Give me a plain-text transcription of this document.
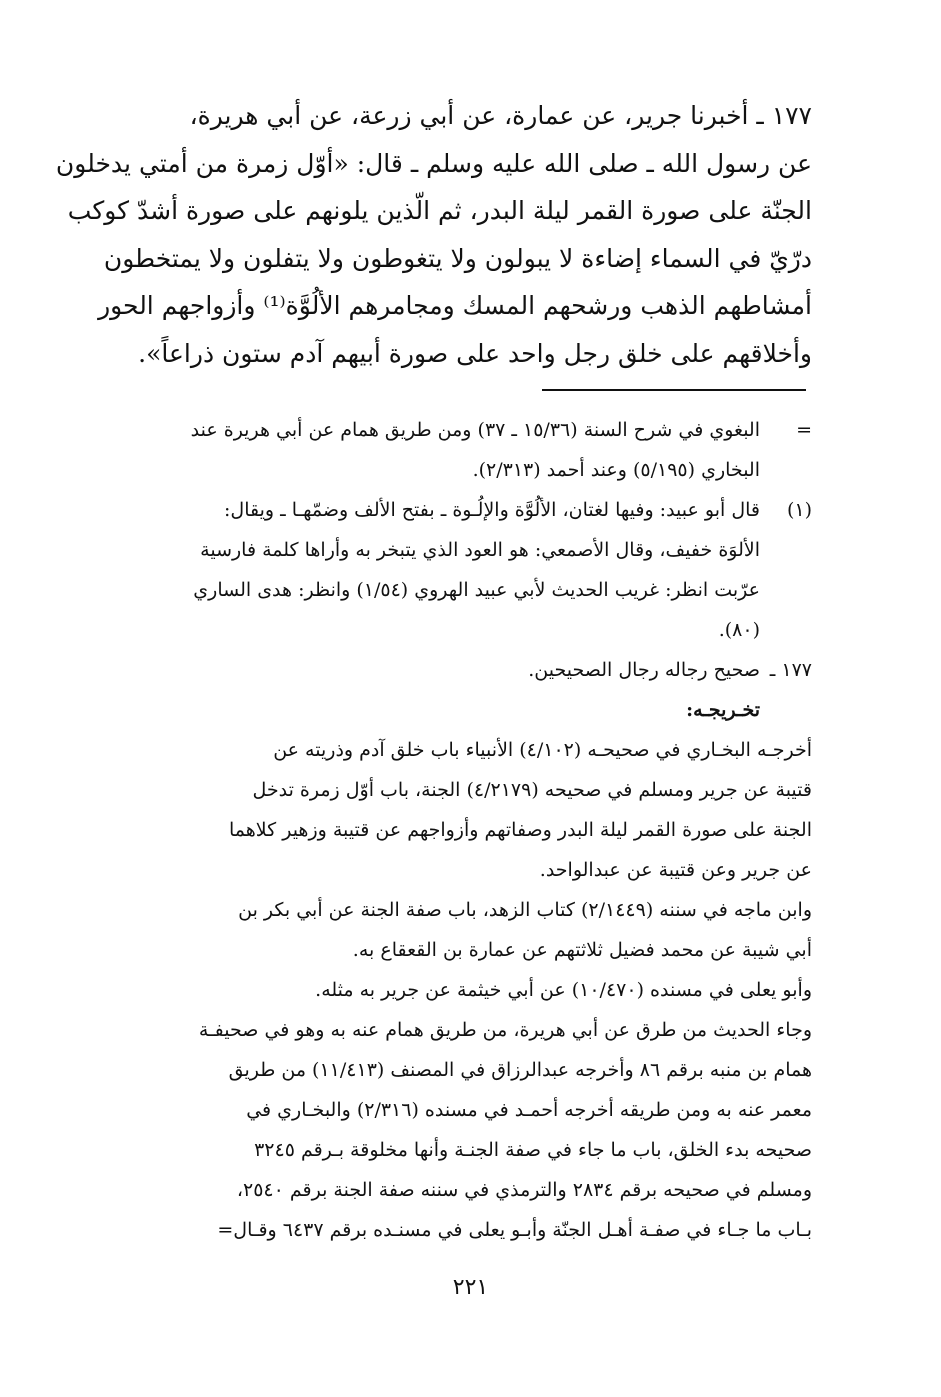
١٧٧ ـ أخبرنا جرير، عن عمارة، عن أبي زرعة، عن أبي هريرة،
عن رسول الله ـ صلى الله عليه وسلم ـ قال: «أوّل زمرة من أمتي يدخلون
الجنّة على صورة القمر ليلة البدر، ثم الّذين يلونهم على صورة أشدّ كوكب
درّيّ في السماء إضاءة لا يبولون ولا يتغوطون ولا يتفلون ولا يمتخطون
أمشاطهم الذهب ورشحهم المسك ومجامرهم الألُوَّة⁽¹⁾ وأزواجهم الحور
وأخلاقهم على خلق رجل واحد على صورة أبيهم آدم ستون ذراعاً».

=
البغوي في شرح السنة (١٥/٣٦ ـ ٣٧) ومن طريق همام عن أبي هريرة عند
البخاري (٥/١٩٥) وعند أحمد (٢/٣١٣).
(١)
قال أبو عبيد: وفيها لغتان، الألُوَّة والإلُـوة ـ بفتح الألف وضمّهـا ـ ويقال:
الألوَة خفيف، وقال الأصمعي: هو العود الذي يتبخر به وأراها كلمة فارسية
عرّبت انظر: غريب الحديث لأبي عبيد الهروي (١/٥٤) وانظر: هدى الساري
(٨٠).
١٧٧ ـ
صحيح رجاله رجال الصحيحين.

تخـريجـه:

أخرجـه البخـاري في صحيحـه (٤/١٠٢) الأنبياء باب خلق آدم وذريته عن
قتيبة عن جرير ومسلم في صحيحه (٤/٢١٧٩) الجنة، باب أوّل زمرة تدخل
الجنة على صورة القمر ليلة البدر وصفاتهم وأزواجهم عن قتيبة وزهير كلاهما
عن جرير وعن قتيبة عن عبدالواحد.
وابن ماجه في سننه (٢/١٤٤٩) كتاب الزهد، باب صفة الجنة عن أبي بكر بن
أبي شيبة عن محمد فضيل ثلاثتهم عن عمارة بن القعقاع به.
وأبو يعلى في مسنده (١٠/٤٧٠) عن أبي خيثمة عن جرير به مثله.
وجاء الحديث من طرق عن أبي هريرة، من طريق همام عنه به وهو في صحيفـة
همام بن منبه برقم ٨٦ وأخرجه عبدالرزاق في المصنف (١١/٤١٣) من طريق
معمر عنه به ومن طريقه أخرجه أحمـد في مسنده (٢/٣١٦) والبخـاري في
صحيحه بدء الخلق، باب ما جاء في صفة الجنـة وأنها مخلوقة بـرقم ٣٢٤٥
ومسلم في صحيحه برقم ٢٨٣٤ والترمذي في سننه صفة الجنة برقم ٢٥٤٠،
بـاب ما جـاء في صفـة أهـل الجنّة وأبـو يعلى في مسنـده برقم ٦٤٣٧ وقـال=
٢٢١
